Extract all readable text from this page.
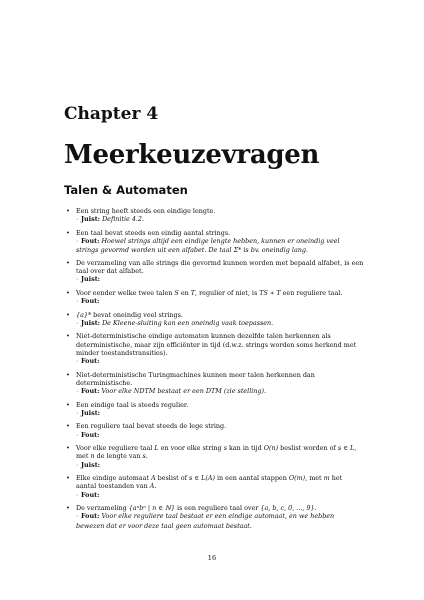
Chapter 4
Meerkeuzevragen
Talen & Automaten
• Een string heeft steeds een eindige lengte.
◦ Juist: Definitie 4.2.
• Een taal bevat steeds een eindig aantal strings.
◦ Fout: Hoewel strings altijd een eindige lengte hebben, kunnen er oneindig veel strings gevormd worden uit een alfabet. De taal Σ* is bv. oneindig lang.
• De verzameling van alle strings die gevormd kunnen worden met bepaald alfabet, is een taal over dat alfabet.
◦ Juist:
• Voor eender welke twee talen S en T, regulier of niet, is TS ∗ T een reguliere taal.
◦ Fout:
• {a}* bevat oneindig veel strings.
◦ Juist: De Kleene-sluiting kan een oneindig vaak toepassen.
• Niet-deterministische eindige automaten kunnen dezelfde talen herkennen als deterministische, maar zijn efficiënter in tijd (d.w.z. strings worden soms herkend met minder toestandstransities).
◦ Fout:
• Niet-deterministische Turingmachines kunnen meer talen herkennen dan deterministische.
◦ Fout: Voor elke NDTM bestaat er een DTM (zie stelling).
• Een eindige taal is steeds regulier.
◦ Juist:
• Een reguliere taal bevat steeds de lege string.
◦ Fout:
• Voor elke reguliere taal L en voor elke string s kan in tijd O(n) beslist worden of s ∈ L, met n de lengte van s.
◦ Juist:
• Elke eindige automaat A beslist of s ∈ L(A) in een aantal stappen O(m), met m het aantal toestanden van A.
◦ Fout:
• De verzameling {aⁿbⁿ | n ∈ ℕ} is een reguliere taal over {a, b, c, 0, ..., 9}.
◦ Fout: Voor elke reguliere taal bestaat er een eindige automaat, en we hebben bewezen dat er voor deze taal geen automaat bestaat.
16
